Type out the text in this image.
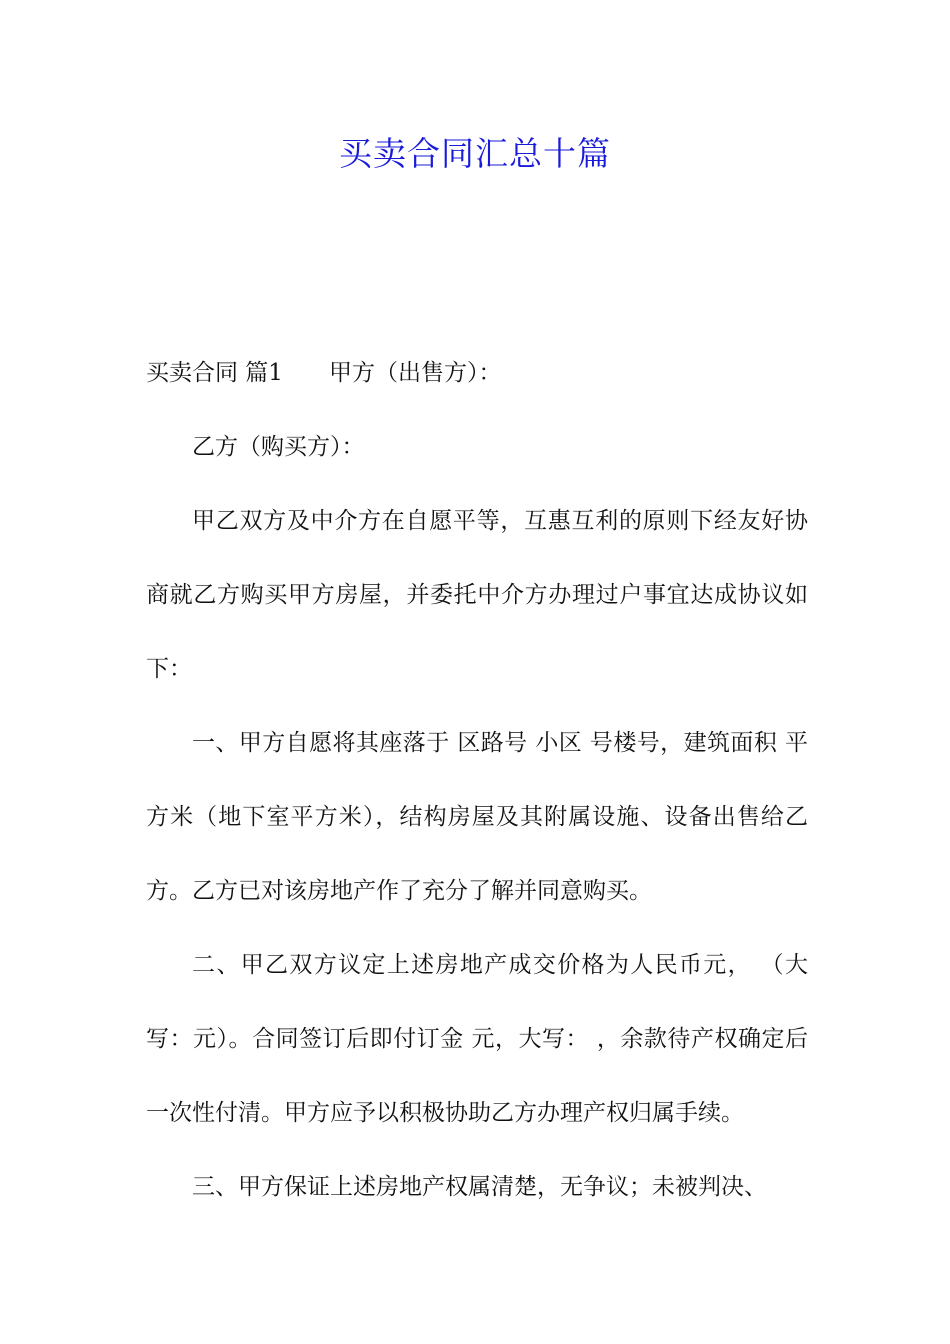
买卖合同汇总十篇

买卖合同 篇1 甲方（出售方）：

乙方（购买方）：

甲乙双方及中介方在自愿平等，互惠互利的原则下经友好协商就乙方购买甲方房屋，并委托中介方办理过户事宜达成协议如下：

一、甲方自愿将其座落于 区路号 小区 号楼号，建筑面积 平方米（地下室平方米），结构房屋及其附属设施、设备出售给乙方。乙方已对该房地产作了充分了解并同意购买。

二、甲乙双方议定上述房地产成交价格为人民币元， （大写：元）。合同签订后即付订金 元，大写： ，余款待产权确定后一次性付清。甲方应予以积极协助乙方办理产权归属手续。

三、甲方保证上述房地产权属清楚，无争议；未被判决、
